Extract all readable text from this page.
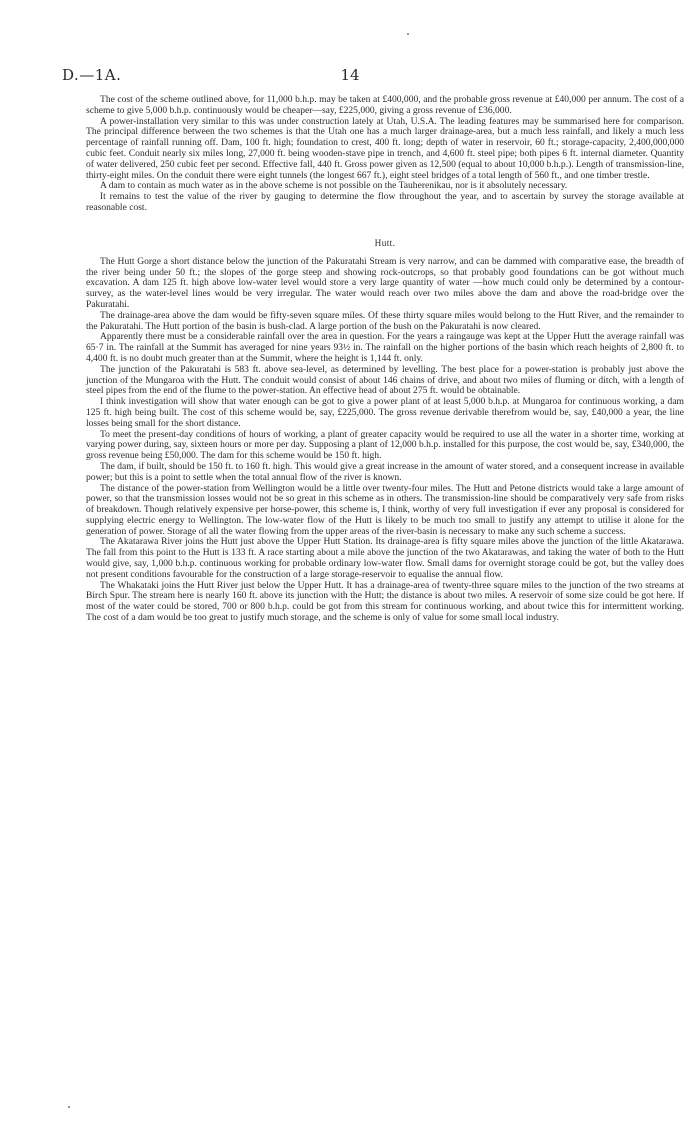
D.—1A.	14

The cost of the scheme outlined above, for 11,000 b.h.p. may be taken at £400,000, and the probable gross revenue at £40,000 per annum. The cost of a scheme to give 5,000 b.h.p. continuously would be cheaper—say, £225,000, giving a gross revenue of £36,000.

A power-installation very similar to this was under construction lately at Utah, U.S.A. The leading features may be summarised here for comparison. The principal difference between the two schemes is that the Utah one has a much larger drainage-area, but a much less rainfall, and likely a much less percentage of rainfall running off. Dam, 100 ft. high; foundation to crest, 400 ft. long; depth of water in reservoir, 60 ft.; storage-capacity, 2,400,000,000 cubic feet. Conduit nearly six miles long, 27,000 ft. being wooden-stave pipe in trench, and 4,600 ft. steel pipe; both pipes 6 ft. internal diameter. Quantity of water delivered, 250 cubic feet per second. Effective fall, 440 ft. Gross power given as 12,500 (equal to about 10,000 b.h.p.). Length of transmission-line, thirty-eight miles. On the conduit there were eight tunnels (the longest 667 ft.), eight steel bridges of a total length of 560 ft., and one timber trestle.

A dam to contain as much water as in the above scheme is not possible on the Tauherenikau, nor is it absolutely necessary.

It remains to test the value of the river by gauging to determine the flow throughout the year, and to ascertain by survey the storage available at reasonable cost.

Hutt.

The Hutt Gorge a short distance below the junction of the Pakuratahi Stream is very narrow, and can be dammed with comparative ease, the breadth of the river being under 50 ft.; the slopes of the gorge steep and showing rock-outcrops, so that probably good foundations can be got without much excavation. A dam 125 ft. high above low-water level would store a very large quantity of water —how much could only be determined by a contour-survey, as the water-level lines would be very irregular. The water would reach over two miles above the dam and above the road-bridge over the Pakuratahi.

The drainage-area above the dam would be fifty-seven square miles. Of these thirty square miles would belong to the Hutt River, and the remainder to the Pakuratahi. The Hutt portion of the basin is bush-clad. A large portion of the bush on the Pakuratahi is now cleared.

Apparently there must be a considerable rainfall over the area in question. For the years a raingauge was kept at the Upper Hutt the average rainfall was 65·7 in. The rainfall at the Summit has averaged for nine years 93½ in. The rainfall on the higher portions of the basin which reach heights of 2,800 ft. to 4,400 ft. is no doubt much greater than at the Summit, where the height is 1,144 ft. only.

The junction of the Pakuratahi is 583 ft. above sea-level, as determined by levelling. The best place for a power-station is probably just above the junction of the Mungaroa with the Hutt. The conduit would consist of about 146 chains of drive, and about two miles of fluming or ditch, with a length of steel pipes from the end of the flume to the power-station. An effective head of about 275 ft. would be obtainable.

I think investigation will show that water enough can be got to give a power plant of at least 5,000 b.h.p. at Mungaroa for continuous working, a dam 125 ft. high being built. The cost of this scheme would be, say, £225,000. The gross revenue derivable therefrom would be, say, £40,000 a year, the line losses being small for the short distance.

To meet the present-day conditions of hours of working, a plant of greater capacity would be required to use all the water in a shorter time, working at varying power during, say, sixteen hours or more per day. Supposing a plant of 12,000 b.h.p. installed for this purpose, the cost would be, say, £340,000, the gross revenue being £50,000. The dam for this scheme would be 150 ft. high.

The dam, if built, should be 150 ft. to 160 ft. high. This would give a great increase in the amount of water stored, and a consequent increase in available power; but this is a point to settle when the total annual flow of the river is known.

The distance of the power-station from Wellington would be a little over twenty-four miles. The Hutt and Petone districts would take a large amount of power, so that the transmission losses would not be so great in this scheme as in others. The transmission-line should be comparatively very safe from risks of breakdown. Though relatively expensive per horse-power, this scheme is, I think, worthy of very full investigation if ever any proposal is considered for supplying electric energy to Wellington. The low-water flow of the Hutt is likely to be much too small to justify any attempt to utilise it alone for the generation of power. Storage of all the water flowing from the upper areas of the river-basin is necessary to make any such scheme a success.

The Akatarawa River joins the Hutt just above the Upper Hutt Station. Its drainage-area is fifty square miles above the junction of the little Akatarawa. The fall from this point to the Hutt is 133 ft. A race starting about a mile above the junction of the two Akatarawas, and taking the water of both to the Hutt would give, say, 1,000 b.h.p. continuous working for probable ordinary low-water flow. Small dams for overnight storage could be got, but the valley does not present conditions favourable for the construction of a large storage-reservoir to equalise the annual flow.

The Whakataki joins the Hutt River just below the Upper Hutt. It has a drainage-area of twenty-three square miles to the junction of the two streams at Birch Spur. The stream here is nearly 160 ft. above its junction with the Hutt; the distance is about two miles. A reservoir of some size could be got here. If most of the water could be stored, 700 or 800 b.h.p. could be got from this stream for continuous working, and about twice this for intermittent working. The cost of a dam would be too great to justify much storage, and the scheme is only of value for some small local industry.
